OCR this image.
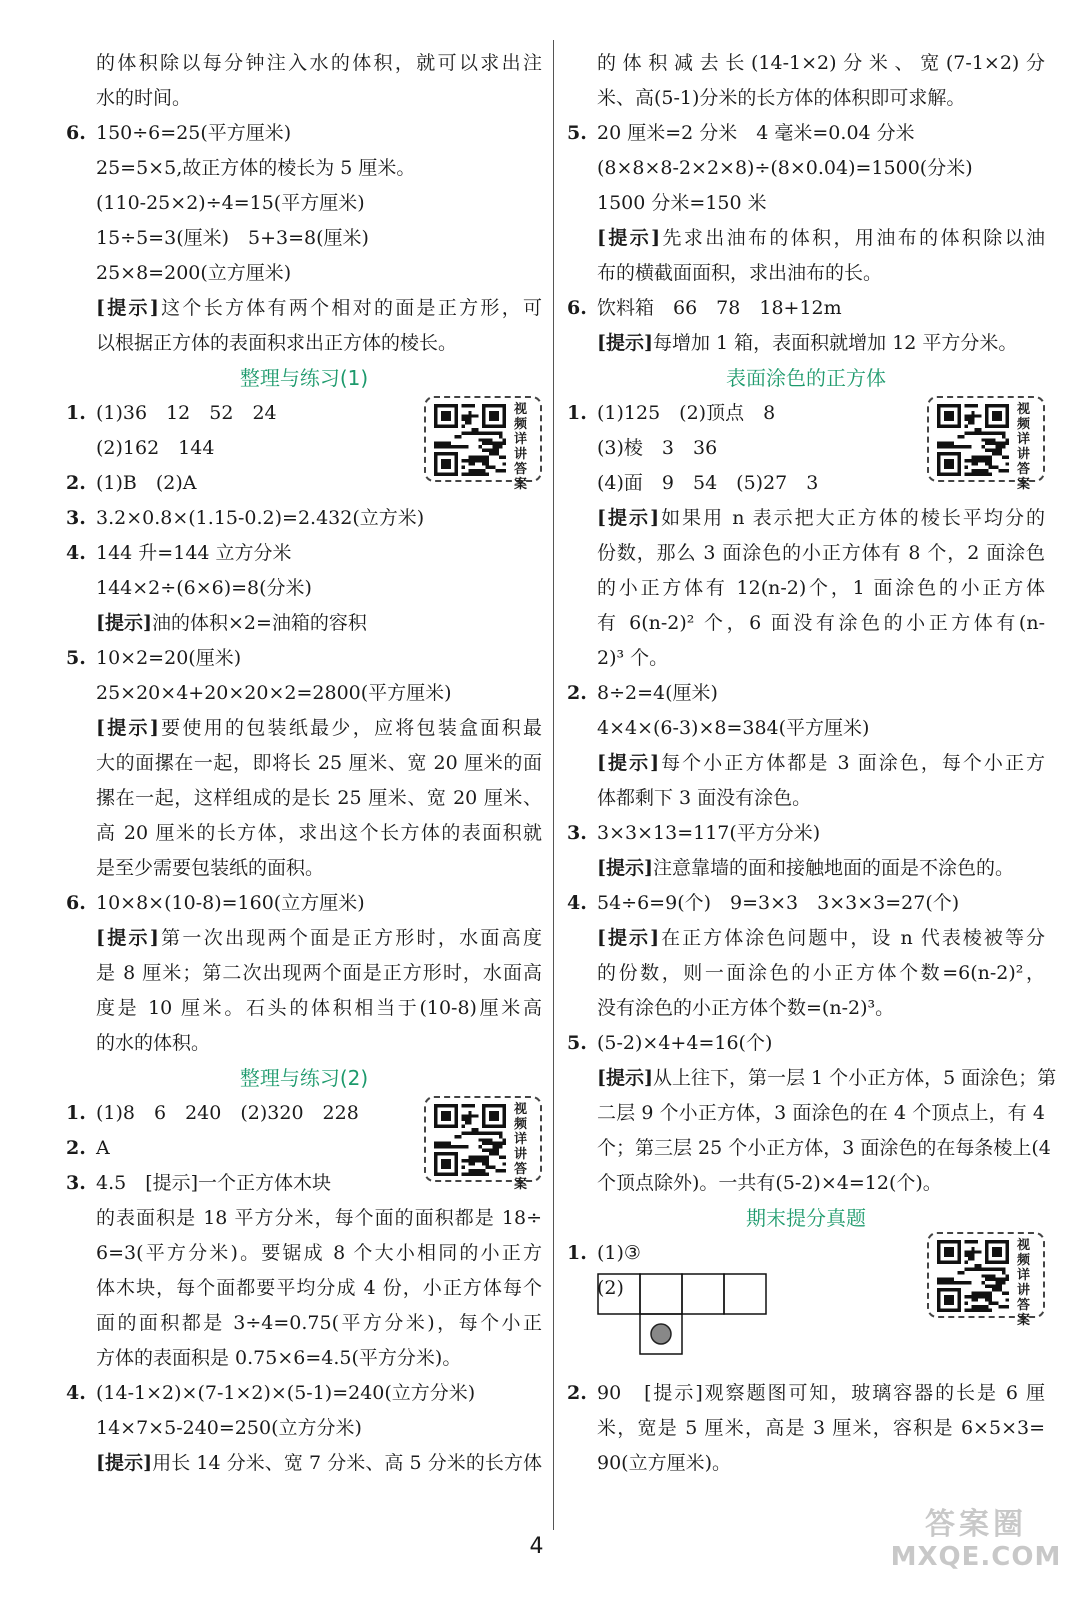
的体积除以每分钟注入水的体积，就可以求出注
水的时间。
6. 150÷6=25(平方厘米)
25=5×5,故正方体的棱长为 5 厘米。
(110-25×2)÷4=15(平方厘米)
15÷5=3(厘米)　5+3=8(厘米)
25×8=200(立方厘米)
[提示]这个长方体有两个相对的面是正方形，可
以根据正方体的表面积求出正方体的棱长。
整理与练习(1)
1. (1)36　12　52　24
(2)162　144
2. (1)B　(2)A
3. 3.2×0.8×(1.15-0.2)=2.432(立方米)
4. 144 升=144 立方分米
144×2÷(6×6)=8(分米)
[提示]油的体积×2=油箱的容积
5. 10×2=20(厘米)
25×20×4+20×20×2=2800(平方厘米)
[提示]要使用的包装纸最少，应将包装盒面积最
大的面摞在一起，即将长 25 厘米、宽 20 厘米的面
摞在一起，这样组成的是长 25 厘米、宽 20 厘米、
高 20 厘米的长方体，求出这个长方体的表面积就
是至少需要包装纸的面积。
6. 10×8×(10-8)=160(立方厘米)
[提示]第一次出现两个面是正方形时，水面高度
是 8 厘米；第二次出现两个面是正方形时，水面高
度是 10 厘米。石头的体积相当于(10-8)厘米高
的水的体积。
整理与练习(2)
1. (1)8　6　240　(2)320　228
2. A
3. 4.5　[提示]一个正方体木块
的表面积是 18 平方分米，每个面的面积都是 18÷
6=3(平方分米)。要锯成 8 个大小相同的小正方
体木块，每个面都要平均分成 4 份，小正方体每个
面的面积都是 3÷4=0.75(平方分米)，每个小正
方体的表面积是 0.75×6=4.5(平方分米)。
4. (14-1×2)×(7-1×2)×(5-1)=240(立方分米)
14×7×5-240=250(立方分米)
[提示]用长 14 分米、宽 7 分米、高 5 分米的长方体
视频详讲答案
视频详讲答案
的体积减去长(14-1×2)分米、宽(7-1×2)分
米、高(5-1)分米的长方体的体积即可求解。
5. 20 厘米=2 分米　4 毫米=0.04 分米
(8×8×8-2×2×8)÷(8×0.04)=1500(分米)
1500 分米=150 米
[提示]先求出油布的体积，用油布的体积除以油
布的横截面面积，求出油布的长。
6. 饮料箱　66　78　18+12m
[提示]每增加 1 箱，表面积就增加 12 平方分米。
表面涂色的正方体
1. (1)125　(2)顶点　8
(3)棱　3　36
(4)面　9　54　(5)27　3
[提示]如果用 n 表示把大正方体的棱长平均分的
份数，那么 3 面涂色的小正方体有 8 个，2 面涂色
的小正方体有 12(n-2)个，1 面涂色的小正方体
有 6(n-2)² 个，6 面没有涂色的小正方体有(n-
2)³ 个。
2. 8÷2=4(厘米)
4×4×(6-3)×8=384(平方厘米)
[提示]每个小正方体都是 3 面涂色，每个小正方
体都剩下 3 面没有涂色。
3. 3×3×13=117(平方分米)
[提示]注意靠墙的面和接触地面的面是不涂色的。
4. 54÷6=9(个)　9=3×3　3×3×3=27(个)
[提示]在正方体涂色问题中，设 n 代表棱被等分
的份数，则一面涂色的小正方体个数=6(n-2)²，
没有涂色的小正方体个数=(n-2)³。
5. (5-2)×4+4=16(个)
[提示]从上往下，第一层 1 个小正方体，5 面涂色；第
二层 9 个小正方体，3 面涂色的在 4 个顶点上，有 4
个；第三层 25 个小正方体，3 面涂色的在每条棱上(4
个顶点除外)。一共有(5-2)×4=12(个)。
期末提分真题
1. (1)③
(2)
2. 90　[提示]观察题图可知，玻璃容器的长是 6 厘
米，宽是 5 厘米，高是 3 厘米，容积是 6×5×3=
90(立方厘米)。
视频详讲答案
视频详讲答案
4
答案圈
MXQE.COM
